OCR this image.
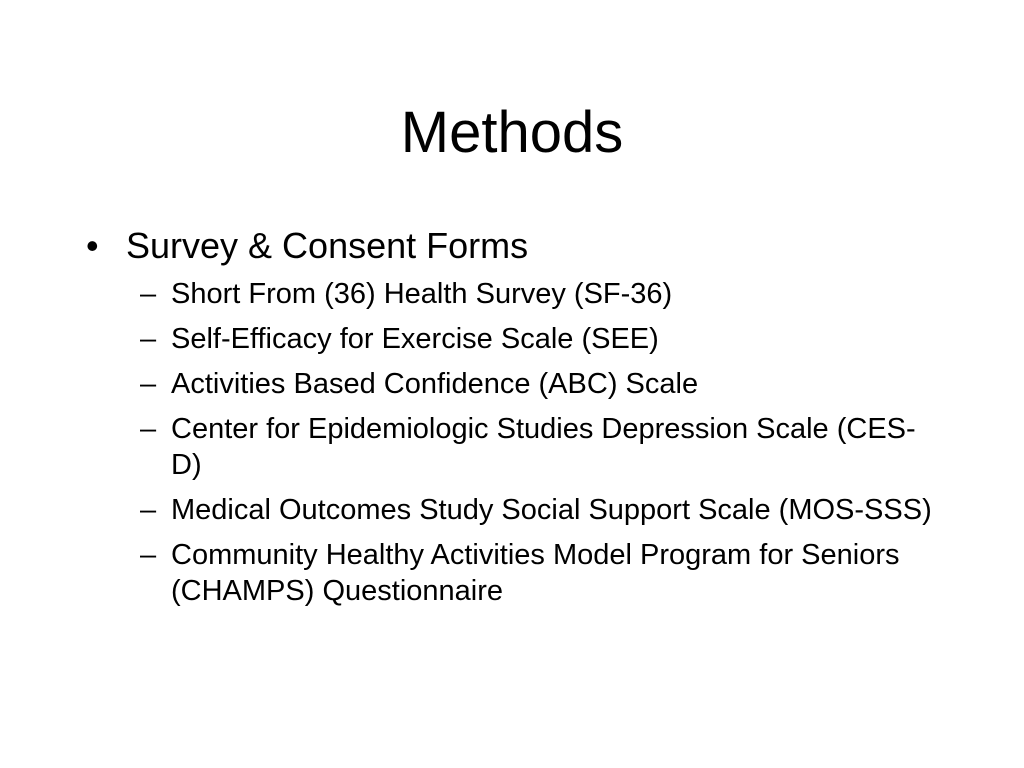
Methods
• Survey & Consent Forms
– Short From (36) Health Survey (SF-36)
– Self-Efficacy for Exercise Scale (SEE)
– Activities Based Confidence (ABC) Scale
– Center for Epidemiologic Studies Depression Scale (CES-D)
– Medical Outcomes Study Social Support Scale (MOS-SSS)
– Community Healthy Activities Model Program for Seniors (CHAMPS) Questionnaire
